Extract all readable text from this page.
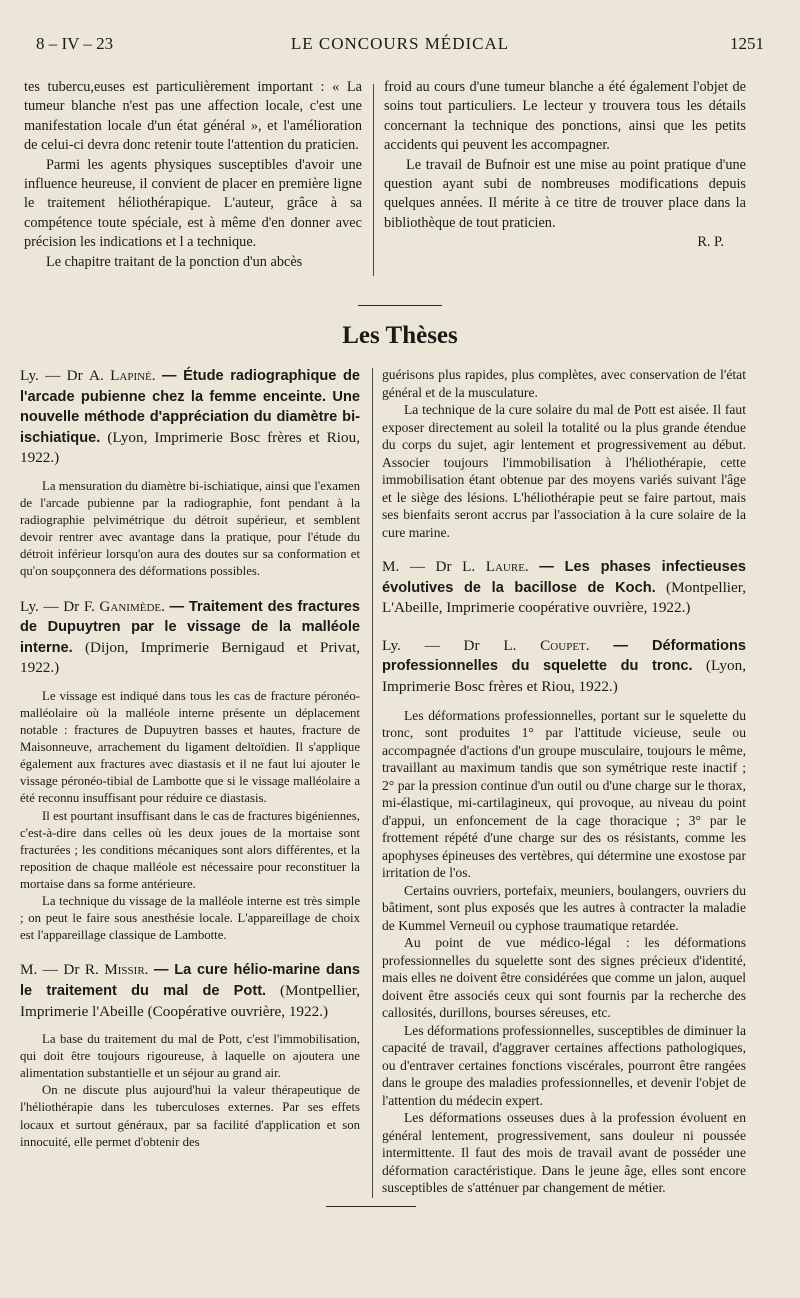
8 – IV – 23	LE CONCOURS MÉDICAL	1251

tes tubercu,euses est particulièrement important : « La tumeur blanche n'est pas une affection locale, c'est une manifestation locale d'un état général », et l'amélioration de celui-ci devra donc retenir toute l'attention du praticien.

Parmi les agents physiques susceptibles d'avoir une influence heureuse, il convient de placer en première ligne le traitement héliothérapique. L'auteur, grâce à sa compétence toute spéciale, est à même d'en donner avec précision les indications et l a technique.

Le chapitre traitant de la ponction d'un abcès

froid au cours d'une tumeur blanche a été également l'objet de soins tout particuliers. Le lecteur y trouvera tous les détails concernant la technique des ponctions, ainsi que les petits accidents qui peuvent les accompagner.

Le travail de Bufnoir est une mise au point pratique d'une question ayant subi de nombreuses modifications depuis quelques années. Il mérite à ce titre de trouver place dans la bibliothèque de tout praticien.

R. P.

Les Thèses
Ly. — Dr A. Lapiné. — Étude radiographique de l'arcade pubienne chez la femme enceinte. Une nouvelle méthode d'appréciation du diamètre bi-ischiatique. (Lyon, Imprimerie Bosc frères et Riou, 1922.)

La mensuration du diamètre bi-ischiatique, ainsi que l'examen de l'arcade pubienne par la radiographie, font pendant à la radiographie pelvimétrique du détroit supérieur, et semblent devoir rentrer avec avantage dans la pratique, pour l'étude du détroit inférieur lorsqu'on aura des doutes sur sa conformation et qu'on soupçonnera des déformations possibles.

Ly. — Dr F. Ganimède. — Traitement des fractures de Dupuytren par le vissage de la malléole interne. (Dijon, Imprimerie Bernigaud et Privat, 1922.)

Le vissage est indiqué dans tous les cas de fracture péronéo-malléolaire où la malléole interne présente un déplacement notable : fractures de Dupuytren basses et hautes, fracture de Maisonneuve, arrachement du ligament deltoïdien. Il s'applique également aux fractures avec diastasis et il ne faut lui ajouter le vissage péronéo-tibial de Lambotte que si le vissage malléolaire a été reconnu insuffisant pour réduire ce diastasis.

Il est pourtant insuffisant dans le cas de fractures bigéniennes, c'est-à-dire dans celles où les deux joues de la mortaise sont fracturées ; les conditions mécaniques sont alors différentes, et la reposition de chaque malléole est nécessaire pour reconstituer la mortaise dans sa forme antérieure.

La technique du vissage de la malléole interne est très simple ; on peut le faire sous anesthésie locale. L'appareillage de choix est l'appareillage classique de Lambotte.

M. — Dr R. Missir. — La cure hélio-marine dans le traitement du mal de Pott. (Montpellier, Imprimerie l'Abeille (Coopérative ouvrière, 1922.)

La base du traitement du mal de Pott, c'est l'immobilisation, qui doit être toujours rigoureuse, à laquelle on ajoutera une alimentation substantielle et un séjour au grand air.

On ne discute plus aujourd'hui la valeur thérapeutique de l'héliothérapie dans les tuberculoses externes. Par ses effets locaux et surtout généraux, par sa facilité d'application et son innocuité, elle permet d'obtenir des

guérisons plus rapides, plus complètes, avec conservation de l'état général et de la musculature.

La technique de la cure solaire du mal de Pott est aisée. Il faut exposer directement au soleil la totalité ou la plus grande étendue du corps du sujet, agir lentement et progressivement au début. Associer toujours l'immobilisation à l'héliothérapie, cette immobilisation étant obtenue par des moyens variés suivant l'âge et le siège des lésions. L'héliothérapie peut se faire partout, mais ses bienfaits seront accrus par l'association à la cure solaire de la cure marine.

M. — Dr L. Laure. — Les phases infectieuses évolutives de la bacillose de Koch. (Montpellier, L'Abeille, Imprimerie coopérative ouvrière, 1922.)
Ly. — Dr L. Coupet. — Déformations professionnelles du squelette du tronc. (Lyon, Imprimerie Bosc frères et Riou, 1922.)

Les déformations professionnelles, portant sur le squelette du tronc, sont produites 1° par l'attitude vicieuse, seule ou accompagnée d'actions d'un groupe musculaire, toujours le même, travaillant au maximum tandis que son symétrique reste inactif ; 2° par la pression continue d'un outil ou d'une charge sur le thorax, mi-élastique, mi-cartilagineux, qui provoque, au niveau du point d'appui, un enfoncement de la cage thoracique ; 3° par le frottement répété d'une charge sur des os résistants, comme les apophyses épineuses des vertèbres, qui détermine une exostose par irritation de l'os.

Certains ouvriers, portefaix, meuniers, boulangers, ouvriers du bâtiment, sont plus exposés que les autres à contracter la maladie de Kummel Verneuil ou cyphose traumatique retardée.

Au point de vue médico-légal : les déformations professionnelles du squelette sont des signes précieux d'identité, mais elles ne doivent être considérées que comme un jalon, auquel doivent être associés ceux qui sont fournis par la recherche des callosités, durillons, bourses séreuses, etc.

Les déformations professionnelles, susceptibles de diminuer la capacité de travail, d'aggraver certaines affections pathologiques, ou d'entraver certaines fonctions viscérales, pourront être rangées dans le groupe des maladies professionnelles, et devenir l'objet de l'attention du médecin expert.

Les déformations osseuses dues à la profession évoluent en général lentement, progressivement, sans douleur ni poussée intermittente. Il faut des mois de travail avant de posséder une déformation caractéristique. Dans le jeune âge, elles sont encore susceptibles de s'atténuer par changement de métier.
